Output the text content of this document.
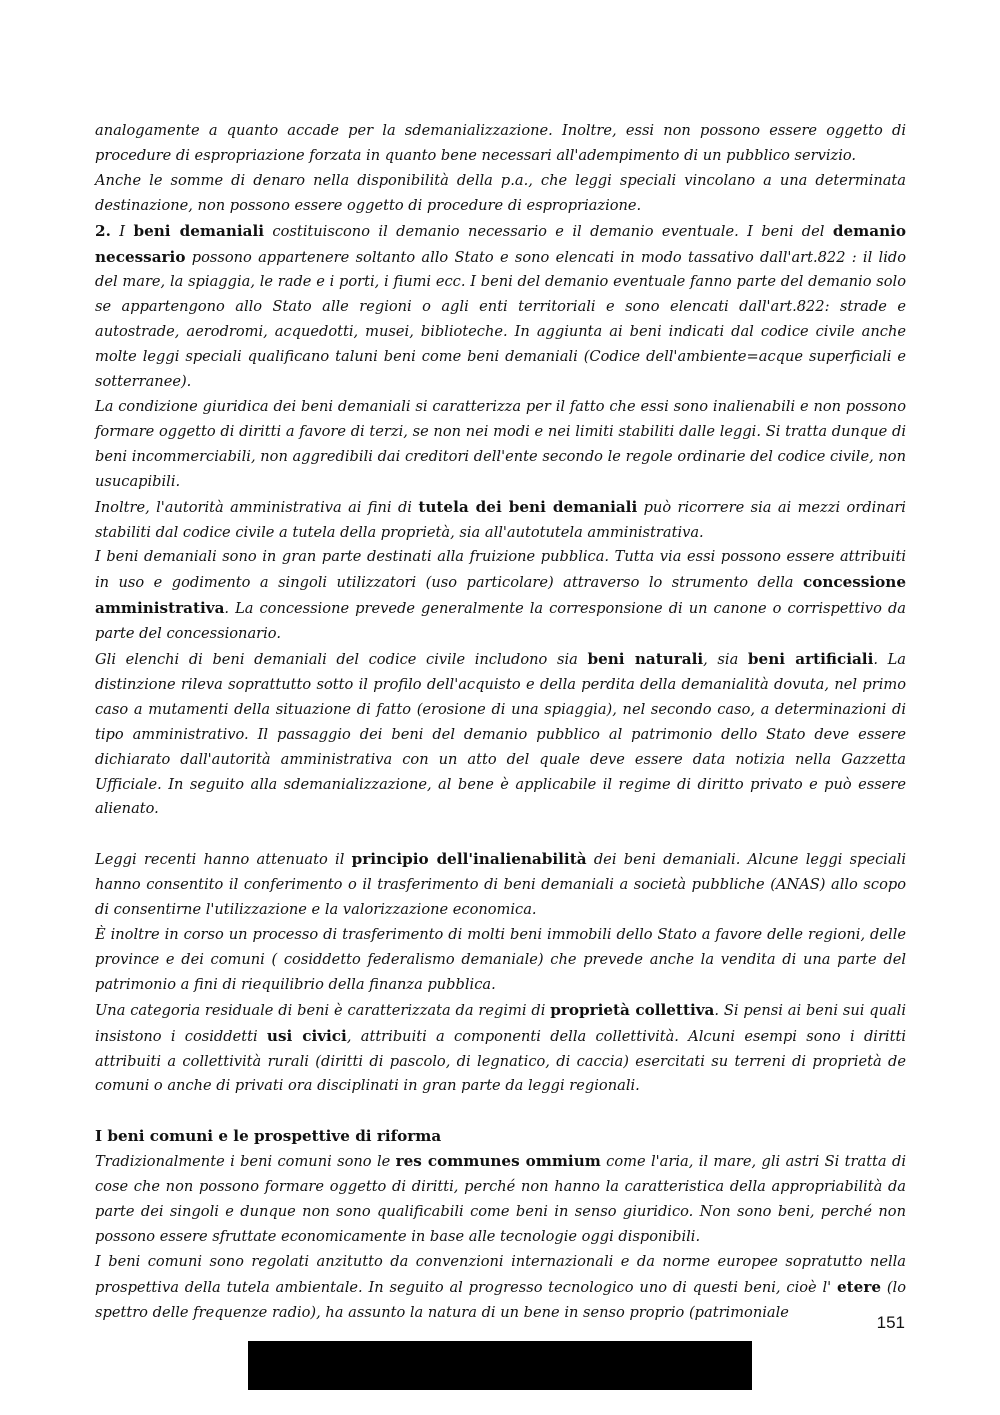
analogamente a quanto accade per la sdemanializzazione. Inoltre, essi non possono essere oggetto di procedure di espropriazione forzata in quanto bene necessari all'adempimento di un pubblico servizio.

Anche le somme di denaro nella disponibilità della p.a., che leggi speciali vincolano a una determinata destinazione, non possono essere oggetto di procedure di espropriazione.

2. I beni demaniali costituiscono il demanio necessario e il demanio eventuale. I beni del demanio necessario possono appartenere soltanto allo Stato e sono elencati in modo tassativo dall'art.822 : il lido del mare, la spiaggia, le rade e i porti, i fiumi ecc. I beni del demanio eventuale fanno parte del demanio solo se appartengono allo Stato alle regioni o agli enti territoriali e sono elencati dall'art.822: strade e autostrade, aerodromi, acquedotti, musei, biblioteche. In aggiunta ai beni indicati dal codice civile anche molte leggi speciali qualificano taluni beni come beni demaniali (Codice dell'ambiente=acque superficiali e sotterranee).

La condizione giuridica dei beni demaniali si caratterizza per il fatto che essi sono inalienabili e non possono formare oggetto di diritti a favore di terzi, se non nei modi e nei limiti stabiliti dalle leggi. Si tratta dunque di beni incommerciabili, non aggredibili dai creditori dell'ente secondo le regole ordinarie del codice civile, non usucapibili.

Inoltre, l'autorità amministrativa ai fini di tutela dei beni demaniali può ricorrere sia ai mezzi ordinari stabiliti dal codice civile a tutela della proprietà, sia all'autotutela amministrativa.

I beni demaniali sono in gran parte destinati alla fruizione pubblica. Tutta via essi possono essere attribuiti in uso e godimento a singoli utilizzatori (uso particolare) attraverso lo strumento della concessione amministrativa. La concessione prevede generalmente la corresponsione di un canone o corrispettivo da parte del concessionario.

Gli elenchi di beni demaniali del codice civile includono sia beni naturali, sia beni artificiali. La distinzione rileva soprattutto sotto il profilo dell'acquisto e della perdita della demanialità dovuta, nel primo caso a mutamenti della situazione di fatto (erosione di una spiaggia), nel secondo caso, a determinazioni di tipo amministrativo. Il passaggio dei beni del demanio pubblico al patrimonio dello Stato deve essere dichiarato dall'autorità amministrativa con un atto del quale deve essere data notizia nella Gazzetta Ufficiale. In seguito alla sdemanializzazione, al bene è applicabile il regime di diritto privato e può essere alienato.

Leggi recenti hanno attenuato il principio dell'inalienabilità dei beni demaniali. Alcune leggi speciali hanno consentito il conferimento o il trasferimento di beni demaniali a società pubbliche (ANAS) allo scopo di consentirne l'utilizzazione e la valorizzazione economica.

È inoltre in corso un processo di trasferimento di molti beni immobili dello Stato a favore delle regioni, delle province e dei comuni ( cosiddetto federalismo demaniale) che prevede anche la vendita di una parte del patrimonio a fini di riequilibrio della finanza pubblica.

Una categoria residuale di beni è caratterizzata da regimi di proprietà collettiva. Si pensi ai beni sui quali insistono i cosiddetti usi civici, attribuiti a componenti della collettività. Alcuni esempi sono i diritti attribuiti a collettività rurali (diritti di pascolo, di legnatico, di caccia) esercitati su terreni di proprietà de comuni o anche di privati ora disciplinati in gran parte da leggi regionali.

I beni comuni e le prospettive di riforma

Tradizionalmente i beni comuni sono le res communes ommium come l'aria, il mare, gli astri Si tratta di cose che non possono formare oggetto di diritti, perché non hanno la caratteristica della appropriabilità da parte dei singoli e dunque non sono qualificabili come beni in senso giuridico. Non sono beni, perché non possono essere sfruttate economicamente in base alle tecnologie oggi disponibili.

I beni comuni sono regolati anzitutto da convenzioni internazionali e da norme europee sopratutto nella prospettiva della tutela ambientale. In seguito al progresso tecnologico uno di questi beni, cioè l' etere (lo spettro delle frequenze radio), ha assunto la natura di un bene in senso proprio (patrimoniale

151
